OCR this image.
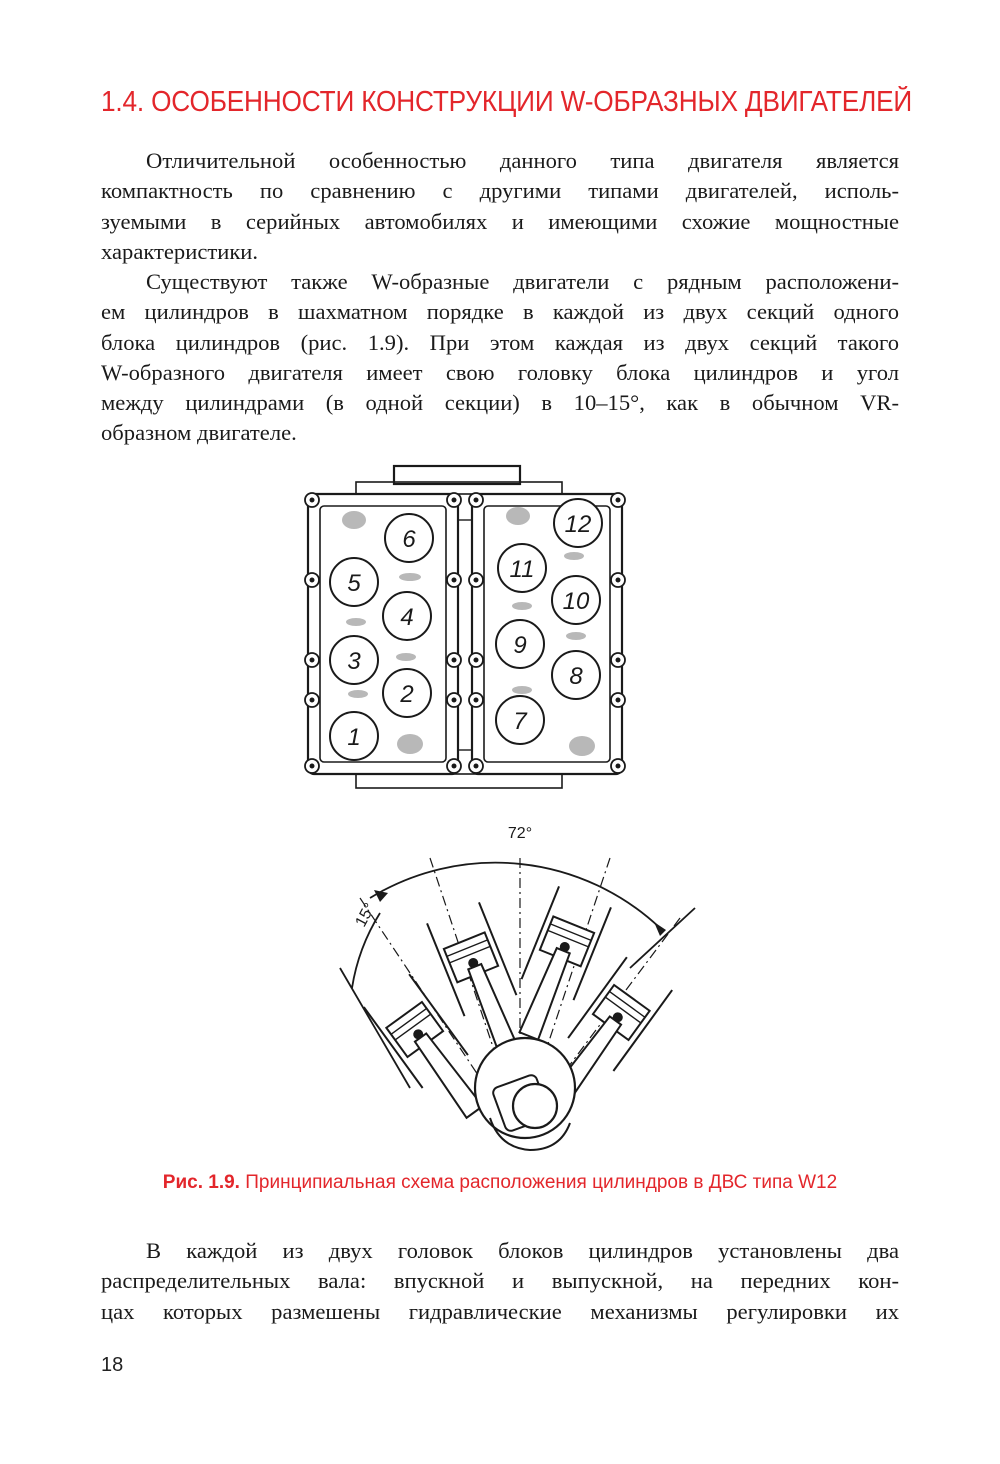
1.4. ОСОБЕННОСТИ КОНСТРУКЦИИ W-ОБРАЗНЫХ ДВИГАТЕЛЕЙ
Отличительной особенностью данного типа двигателя является
компактность по сравнению с другими типами двигателей, исполь-
зуемыми в серийных автомобилях и имеющими схожие мощностные
характеристики.
Существуют также W-образные двигатели с рядным расположени-
ем цилиндров в шахматном порядке в каждой из двух секций одного
блока цилиндров (рис. 1.9). При этом каждая из двух секций такого
W-образного двигателя имеет свою головку блока цилиндров и угол
между цилиндрами (в одной секции) в 10–15°, как в обычном VR-
образном двигателе.
1
2
3
4
5
6
7
8
9
10
11
12
72°
15°

Рис. 1.9. Принципиальная схема расположения цилиндров в ДВС типа W12

В каждой из двух головок блоков цилиндров установлены два
распределительных вала: впускной и выпускной, на передних кон-
цах которых размешены гидравлические механизмы регулировки их
18
